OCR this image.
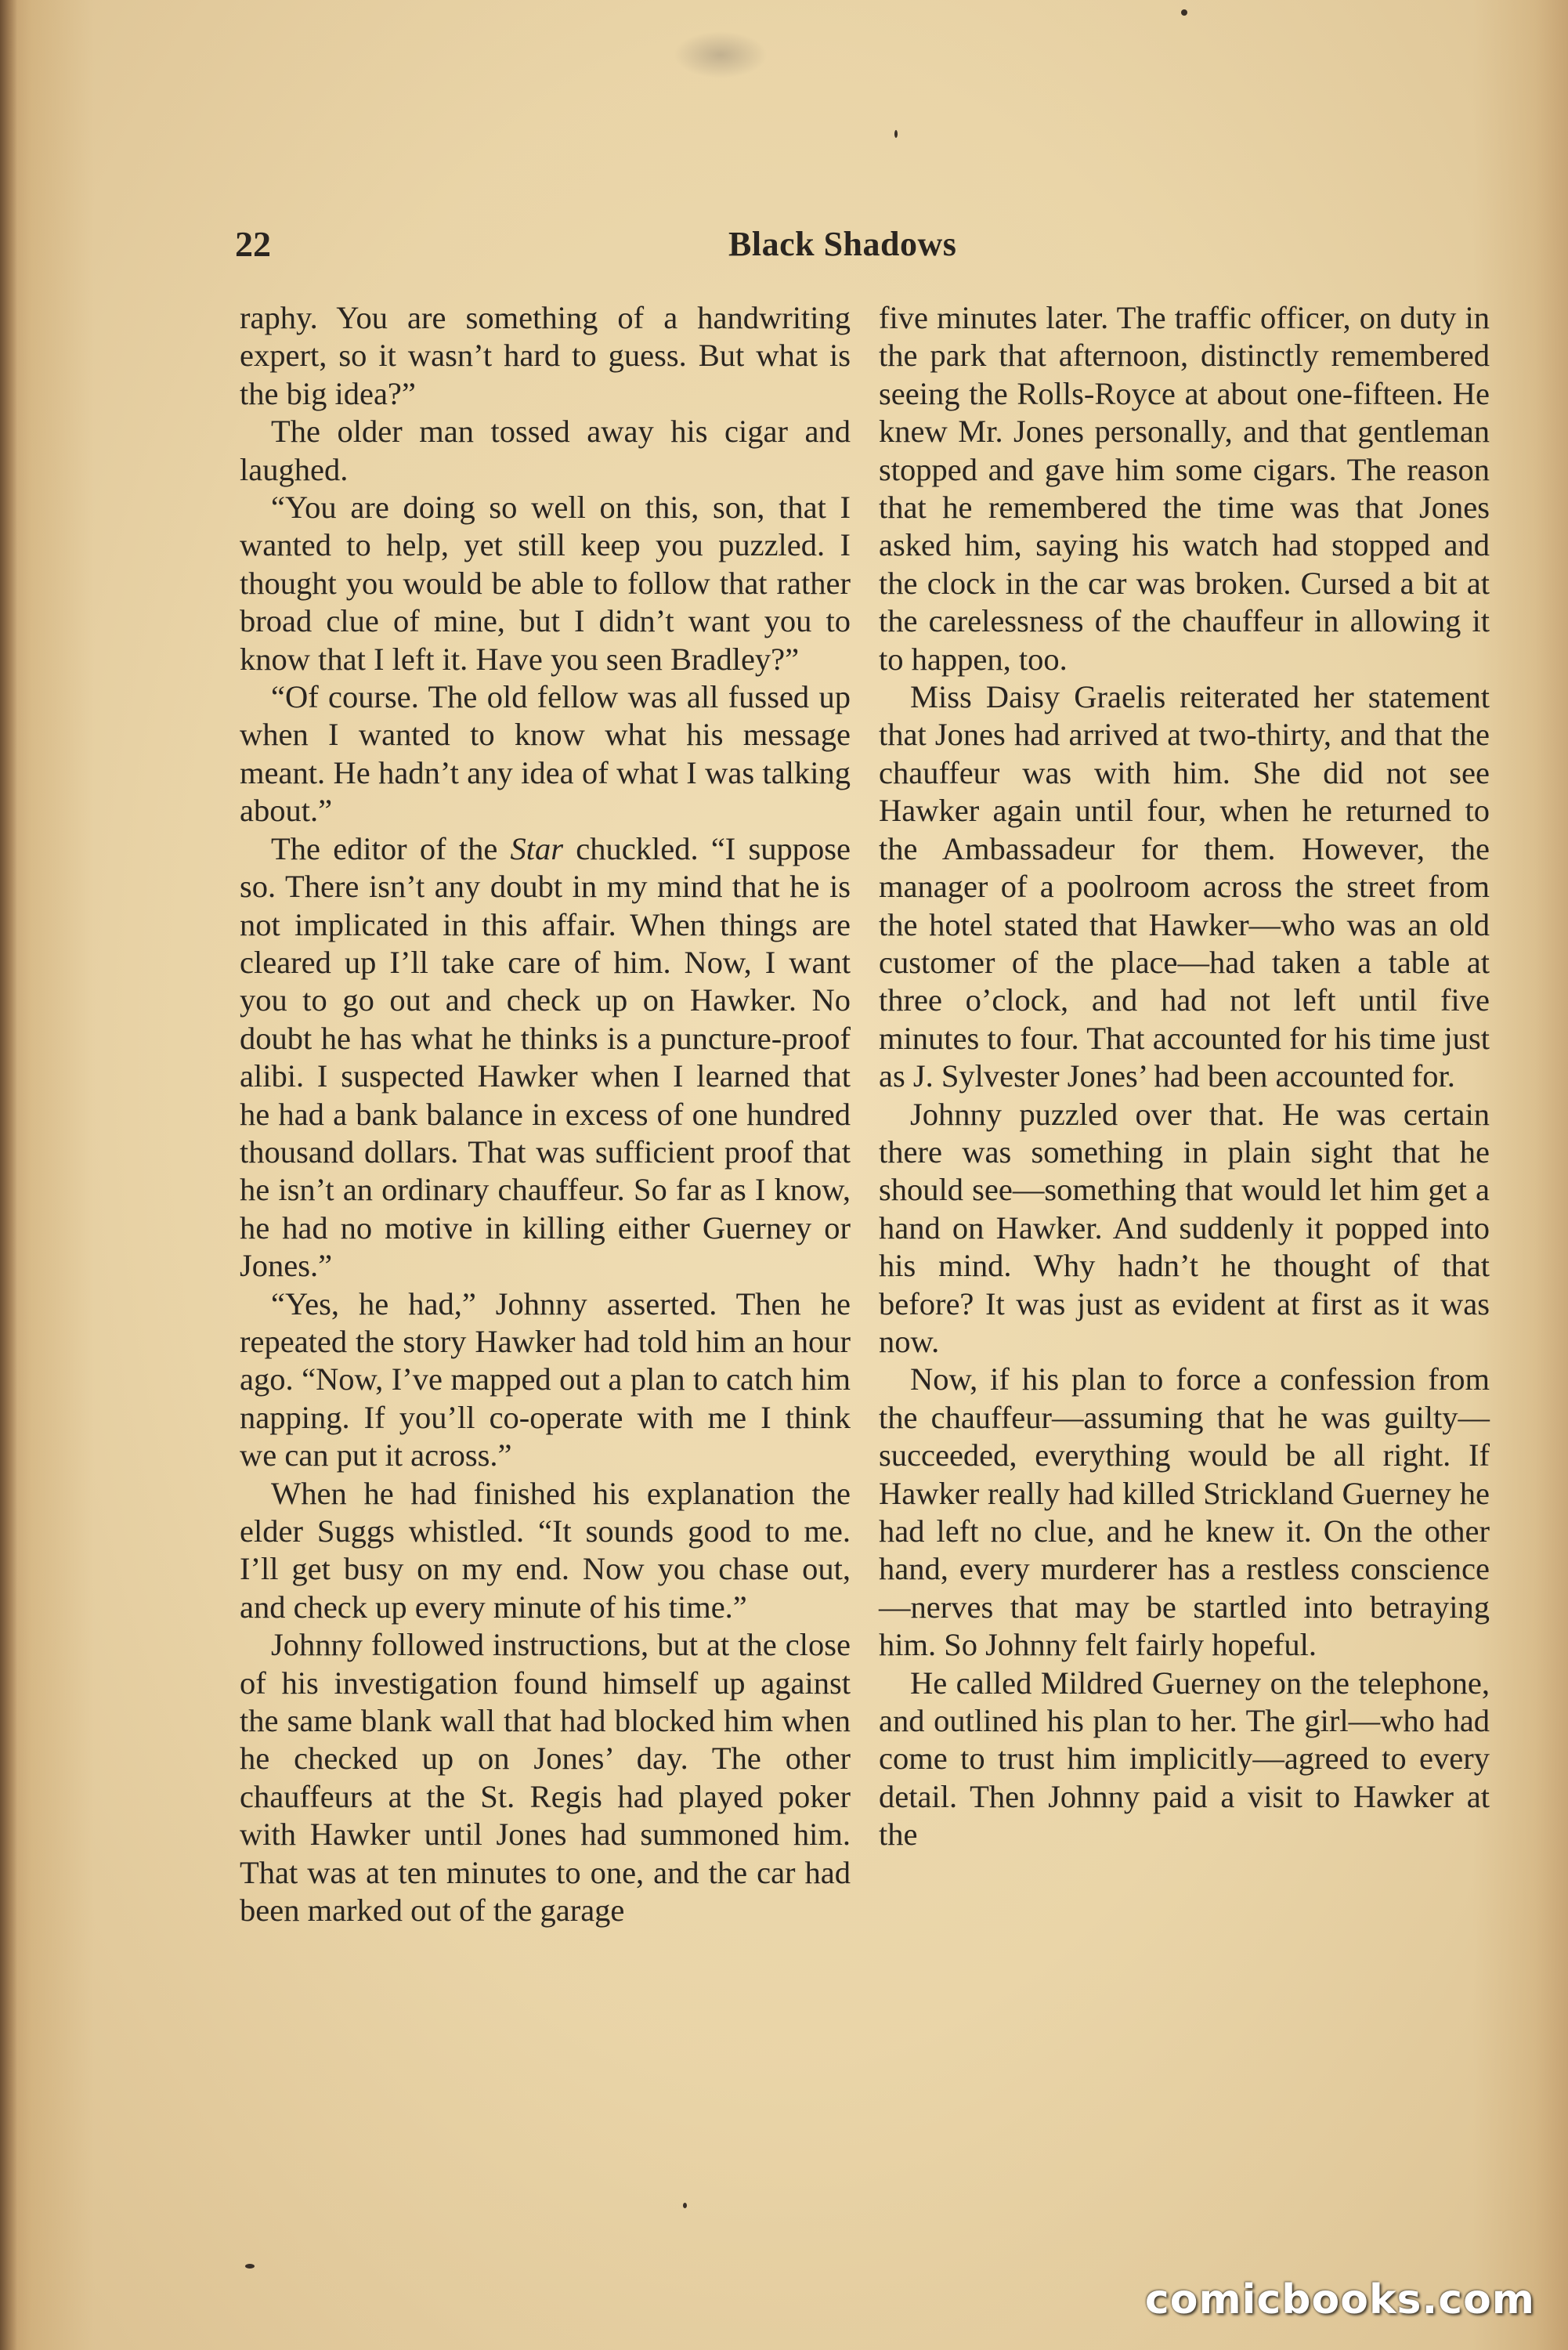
22	Black Shadows

raphy. You are something of a handwriting expert, so it wasn’t hard to guess. But what is the big idea?”

The older man tossed away his cigar and laughed.

“You are doing so well on this, son, that I wanted to help, yet still keep you puzzled. I thought you would be able to follow that rather broad clue of mine, but I didn’t want you to know that I left it. Have you seen Bradley?”

“Of course. The old fellow was all fussed up when I wanted to know what his message meant. He hadn’t any idea of what I was talking about.”

The editor of the Star chuckled. “I suppose so. There isn’t any doubt in my mind that he is not implicated in this affair. When things are cleared up I’ll take care of him. Now, I want you to go out and check up on Hawker. No doubt he has what he thinks is a puncture-proof alibi. I suspected Hawker when I learned that he had a bank balance in excess of one hundred thousand dollars. That was sufficient proof that he isn’t an ordinary chauffeur. So far as I know, he had no motive in killing either Guerney or Jones.”

“Yes, he had,” Johnny asserted. Then he repeated the story Hawker had told him an hour ago. “Now, I’ve mapped out a plan to catch him napping. If you’ll co-operate with me I think we can put it across.”

When he had finished his explanation the elder Suggs whistled. “It sounds good to me. I’ll get busy on my end. Now you chase out, and check up every minute of his time.”

Johnny followed instructions, but at the close of his investigation found himself up against the same blank wall that had blocked him when he checked up on Jones’ day. The other chauffeurs at the St. Regis had played poker with Hawker until Jones had summoned him. That was at ten minutes to one, and the car had been marked out of the garage

five minutes later. The traffic officer, on duty in the park that afternoon, distinctly remembered seeing the Rolls-Royce at about one-fifteen. He knew Mr. Jones personally, and that gentleman stopped and gave him some cigars. The reason that he remembered the time was that Jones asked him, saying his watch had stopped and the clock in the car was broken. Cursed a bit at the carelessness of the chauffeur in allowing it to happen, too.

Miss Daisy Graelis reiterated her statement that Jones had arrived at two-thirty, and that the chauffeur was with him. She did not see Hawker again until four, when he returned to the Ambassadeur for them. However, the manager of a poolroom across the street from the hotel stated that Hawker—who was an old customer of the place—had taken a table at three o’clock, and had not left until five minutes to four. That accounted for his time just as J. Sylvester Jones’ had been accounted for.

Johnny puzzled over that. He was certain there was something in plain sight that he should see—something that would let him get a hand on Hawker. And suddenly it popped into his mind. Why hadn’t he thought of that before? It was just as evident at first as it was now.

Now, if his plan to force a confession from the chauffeur—assuming that he was guilty—succeeded, everything would be all right. If Hawker really had killed Strickland Guerney he had left no clue, and he knew it. On the other hand, every murderer has a restless conscience—nerves that may be startled into betraying him. So Johnny felt fairly hopeful.

He called Mildred Guerney on the telephone, and outlined his plan to her. The girl—who had come to trust him implicitly—agreed to every detail. Then Johnny paid a visit to Hawker at the

comicbooks.com
